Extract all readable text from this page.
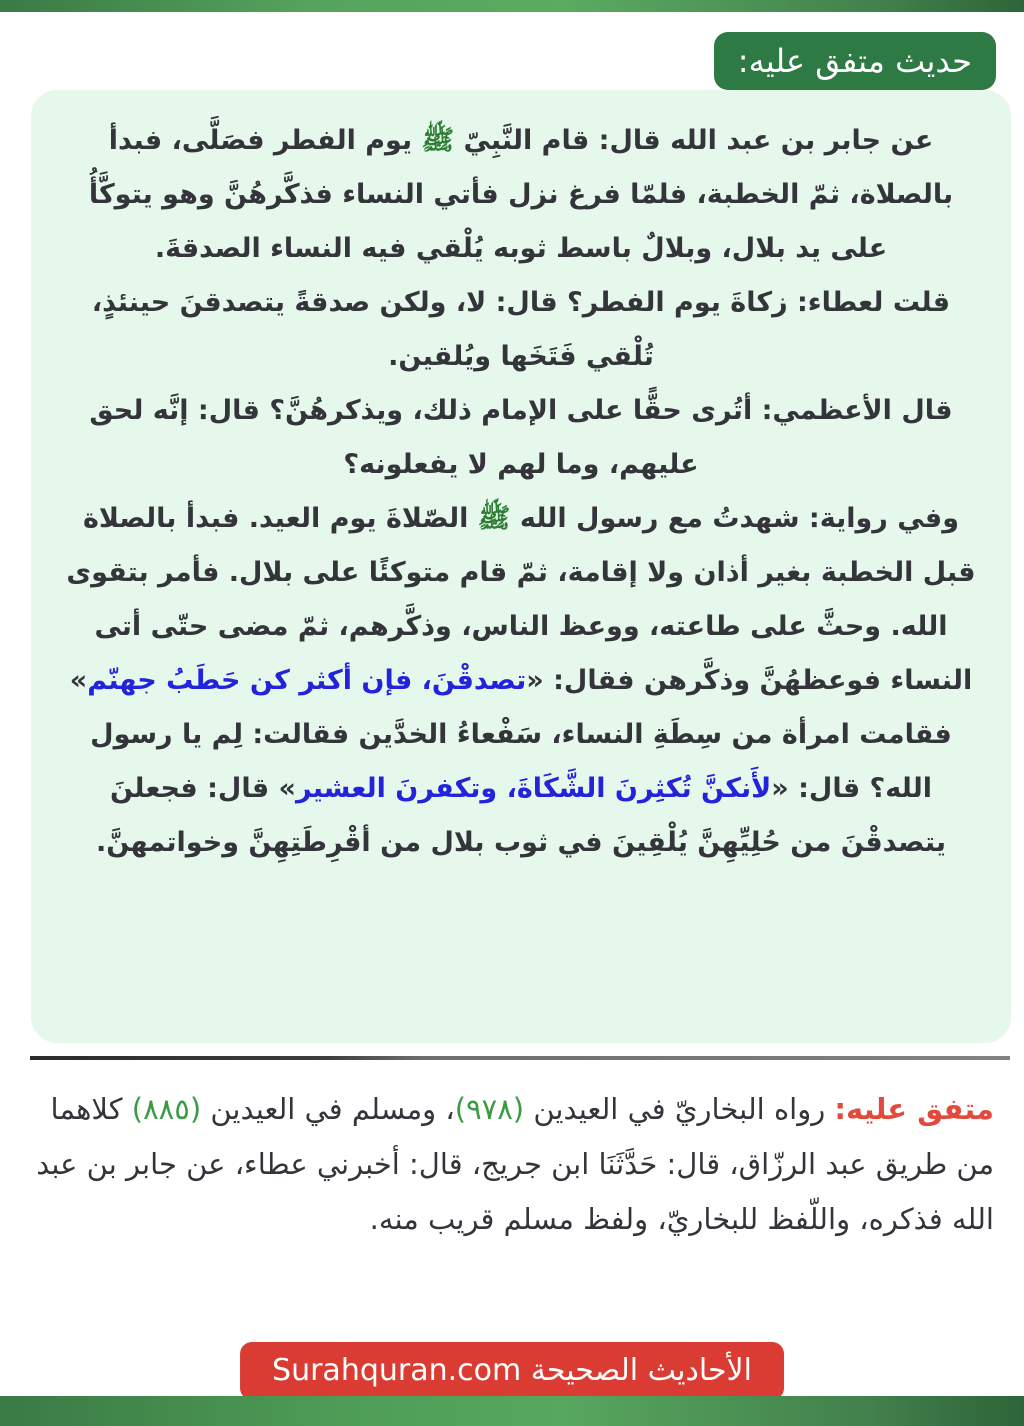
حديث متفق عليه:

عن جابر بن عبد الله قال: قام النَّبِيّ ﷺ يوم الفطر فصَلَّى، فبدأ بالصلاة، ثمّ الخطبة، فلمّا فرغ نزل فأتي النساء فذكَّرهُنَّ وهو يتوكَّأُ على يد بلال، وبلالٌ باسط ثوبه يُلْقي فيه النساء الصدقةَ.

قلت لعطاء: زكاةَ يوم الفطر؟ قال: لا، ولكن صدقةً يتصدقنَ حينئذٍ، تُلْقي فَتَخَها ويُلقين.

قال الأعظمي: أتُرى حقًّا على الإمام ذلك، ويذكرهُنَّ؟ قال: إنَّه لحق عليهم، وما لهم لا يفعلونه؟

وفي رواية: شهدتُ مع رسول الله ﷺ الصّلاةَ يوم العيد. فبدأ بالصلاة قبل الخطبة بغير أذان ولا إقامة، ثمّ قام متوكئًا على بلال. فأمر بتقوى الله. وحثَّ على طاعته، ووعظ الناس، وذكَّرهم، ثمّ مضى حتّى أتى النساء فوعظهُنَّ وذكَّرهن فقال: «تصدقْنَ، فإن أكثر كن حَطَبُ جهنّم» فقامت امرأة من سِطَةِ النساء، سَفْعاءُ الخدَّين فقالت: لِم يا رسول الله؟ قال: «لأَنكنَّ تُكثِرنَ الشَّكَاةَ، وتكفرنَ العشير» قال: فجعلنَ يتصدقْنَ من حُلِيِّهِنَّ يُلْقِينَ في ثوب بلال من أقْرِطَتِهِنَّ وخواتمهنَّ.

متفق عليه: رواه البخاريّ في العيدين (٩٧٨)، ومسلم في العيدين (٨٨٥) كلاهما من طريق عبد الرزّاق، قال: حَدَّثَنَا ابن جريج، قال: أخبرني عطاء، عن جابر بن عبد الله فذكره، واللّفظ للبخاريّ، ولفظ مسلم قريب منه.

الأحاديث الصحيحة Surahquran.com
